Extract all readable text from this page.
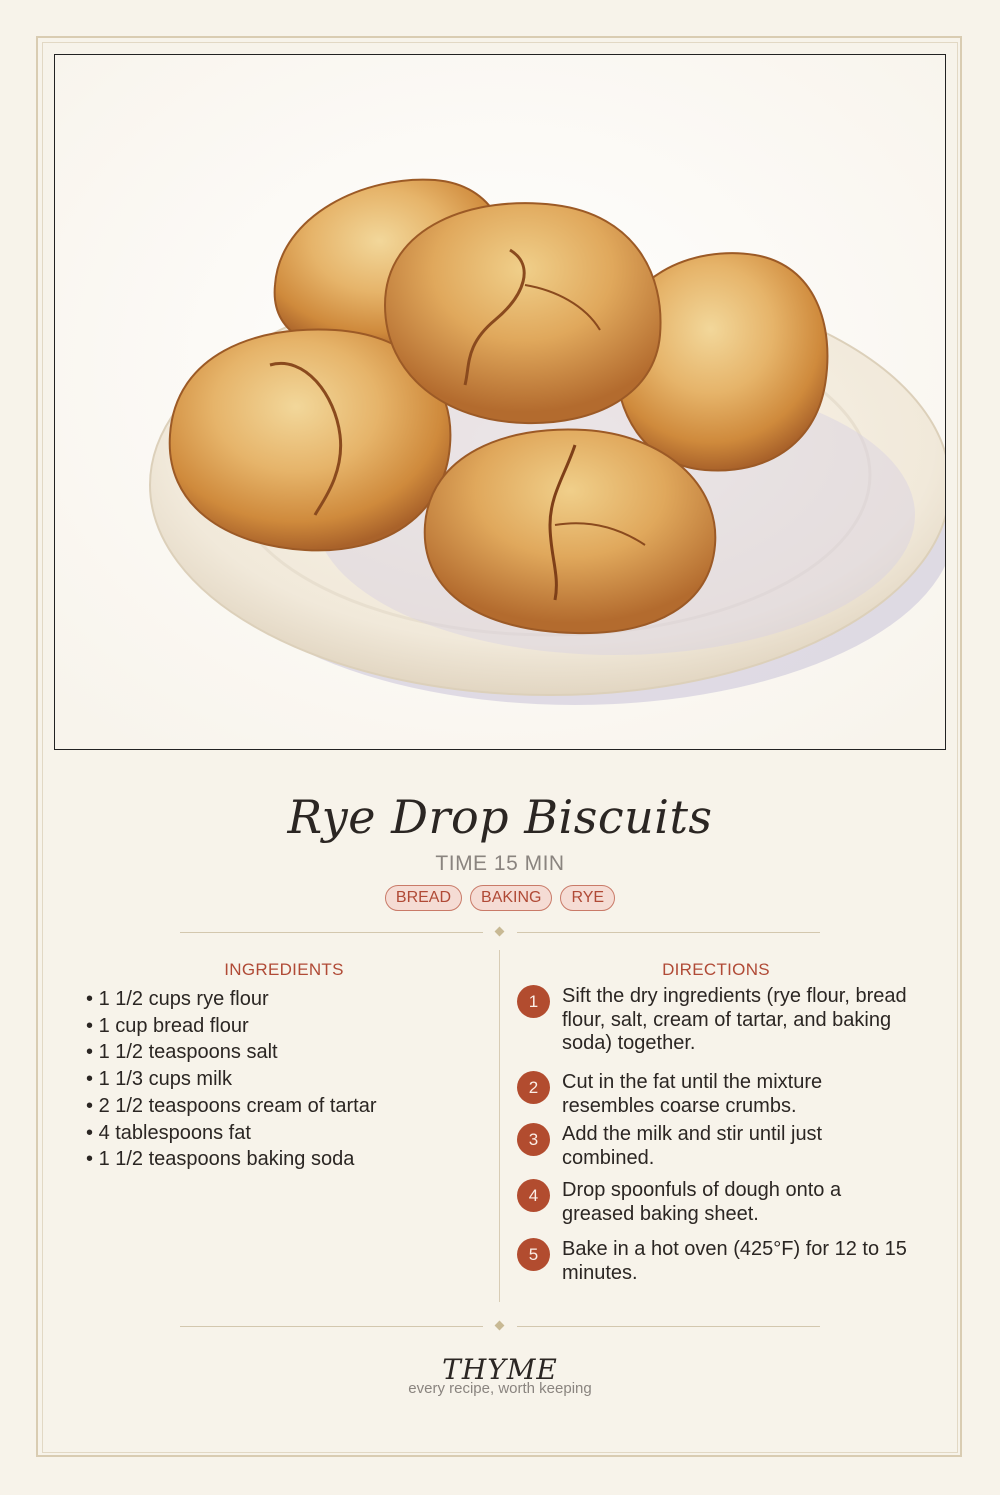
Rye Drop Biscuits
TIME 15 MIN
BREAD	BAKING	RYE
INGREDIENTS	DIRECTIONS
• 1 1/2 cups rye flour
• 1 cup bread flour
• 1 1/2 teaspoons salt
• 1 1/3 cups milk
• 2 1/2 teaspoons cream of tartar
• 4 tablespoons fat
• 1 1/2 teaspoons baking soda
1	Sift the dry ingredients (rye flour, bread flour, salt, cream of tartar, and baking soda) together.
2	Cut in the fat until the mixture resembles coarse crumbs.
3	Add the milk and stir until just combined.
4	Drop spoonfuls of dough onto a greased baking sheet.
5	Bake in a hot oven (425°F) for 12 to 15 minutes.
THYME
every recipe, worth keeping
